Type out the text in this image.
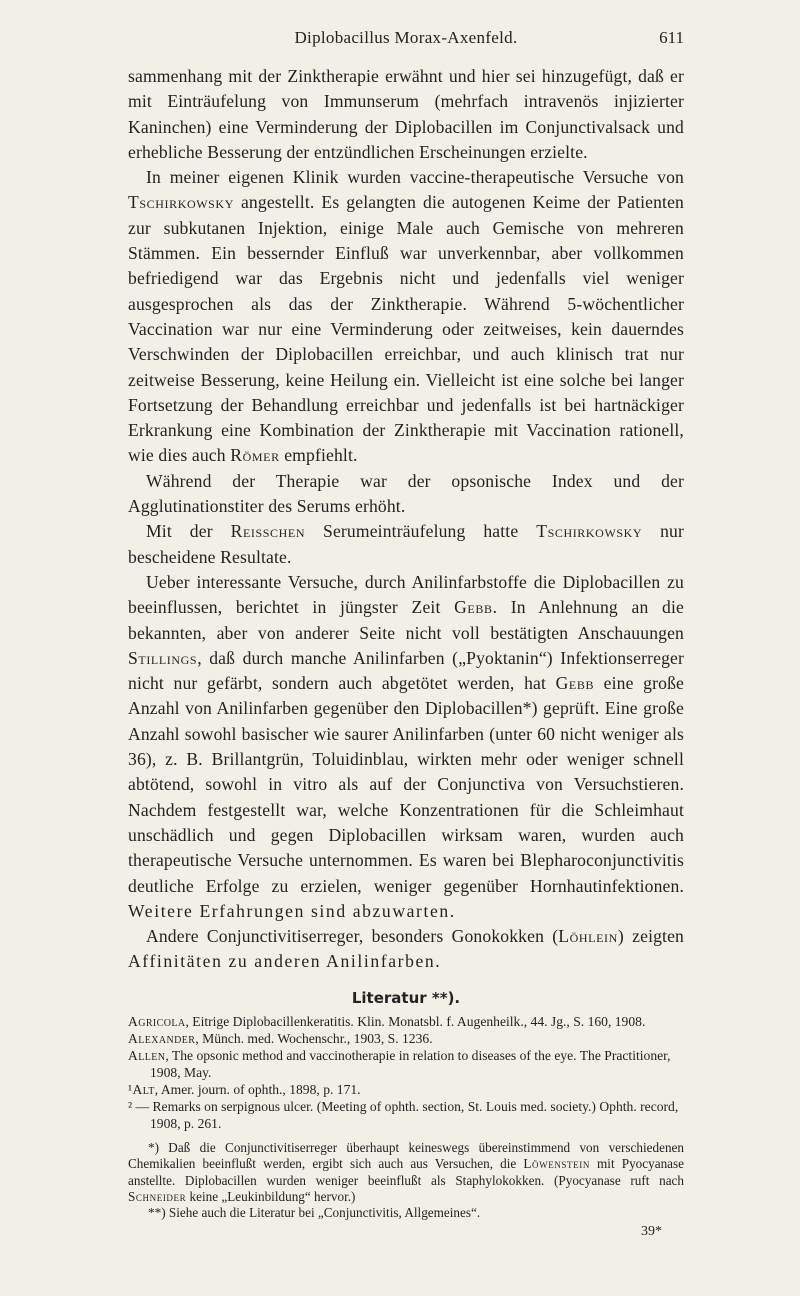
Diplobacillus Morax-Axenfeld.	611

sammenhang mit der Zinktherapie erwähnt und hier sei hinzugefügt, daß er mit Einträufelung von Immunserum (mehrfach intravenös injizierter Kaninchen) eine Verminderung der Diplobacillen im Conjunctivalsack und erhebliche Besserung der entzündlichen Erscheinungen erzielte.

In meiner eigenen Klinik wurden vaccine-therapeutische Versuche von Tschirkowsky angestellt. Es gelangten die autogenen Keime der Patienten zur subkutanen Injektion, einige Male auch Gemische von mehreren Stämmen. Ein bessernder Einfluß war unverkennbar, aber vollkommen befriedigend war das Ergebnis nicht und jedenfalls viel weniger ausgesprochen als das der Zinktherapie. Während 5-wöchentlicher Vaccination war nur eine Verminderung oder zeitweises, kein dauerndes Verschwinden der Diplobacillen erreichbar, und auch klinisch trat nur zeitweise Besserung, keine Heilung ein. Vielleicht ist eine solche bei langer Fortsetzung der Behandlung erreichbar und jedenfalls ist bei hartnäckiger Erkrankung eine Kombination der Zinktherapie mit Vaccination rationell, wie dies auch Römer empfiehlt.

Während der Therapie war der opsonische Index und der Agglutinationstiter des Serums erhöht.

Mit der Reisschen Serumeinträufelung hatte Tschirkowsky nur bescheidene Resultate.

Ueber interessante Versuche, durch Anilinfarbstoffe die Diplobacillen zu beeinflussen, berichtet in jüngster Zeit Gebb. In Anlehnung an die bekannten, aber von anderer Seite nicht voll bestätigten Anschauungen Stillings, daß durch manche Anilinfarben („Pyoktanin“) Infektionserreger nicht nur gefärbt, sondern auch abgetötet werden, hat Gebb eine große Anzahl von Anilinfarben gegenüber den Diplobacillen*) geprüft. Eine große Anzahl sowohl basischer wie saurer Anilinfarben (unter 60 nicht weniger als 36), z. B. Brillantgrün, Toluidinblau, wirkten mehr oder weniger schnell abtötend, sowohl in vitro als auf der Conjunctiva von Versuchstieren. Nachdem festgestellt war, welche Konzentrationen für die Schleimhaut unschädlich und gegen Diplobacillen wirksam waren, wurden auch therapeutische Versuche unternommen. Es waren bei Blepharoconjunctivitis deutliche Erfolge zu erzielen, weniger gegenüber Hornhautinfektionen. Weitere Erfahrungen sind abzuwarten.

Andere Conjunctivitiserreger, besonders Gonokokken (Löhlein) zeigten Affinitäten zu anderen Anilinfarben.

Literatur **).
Agricola, Eitrige Diplobacillenkeratitis. Klin. Monatsbl. f. Augenheilk., 44. Jg., S. 160, 1908.
Alexander, Münch. med. Wochenschr., 1903, S. 1236.
Allen, The opsonic method and vaccinotherapie in relation to diseases of the eye. The Practitioner, 1908, May.
¹Alt, Amer. journ. of ophth., 1898, p. 171.
² — Remarks on serpignous ulcer. (Meeting of ophth. section, St. Louis med. society.) Ophth. record, 1908, p. 261.

*) Daß die Conjunctivitiserreger überhaupt keineswegs übereinstimmend von verschiedenen Chemikalien beeinflußt werden, ergibt sich auch aus Versuchen, die Löwenstein mit Pyocyanase anstellte. Diplobacillen wurden weniger beeinflußt als Staphylokokken. (Pyocyanase ruft nach Schneider keine „Leukinbildung“ hervor.)

**) Siehe auch die Literatur bei „Conjunctivitis, Allgemeines“.

39*
